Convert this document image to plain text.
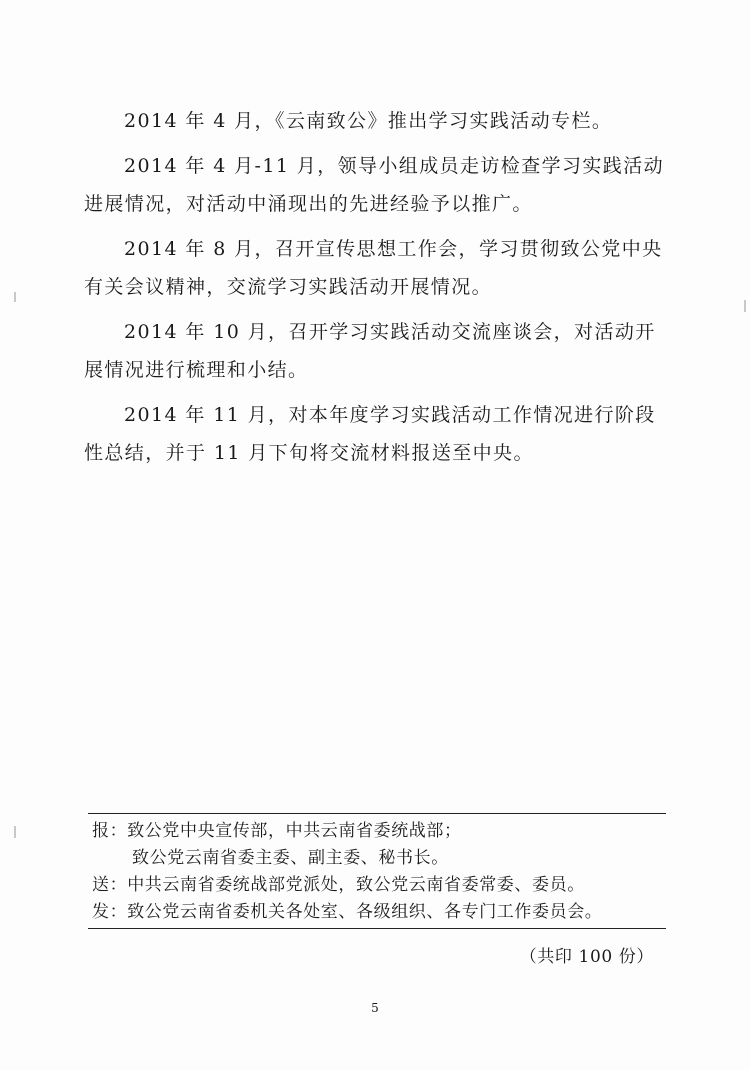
2014 年 4 月，《云南致公》推出学习实践活动专栏。

2014 年 4 月-11 月，领导小组成员走访检查学习实践活动进展情况，对活动中涌现出的先进经验予以推广。

2014 年 8 月，召开宣传思想工作会，学习贯彻致公党中央有关会议精神，交流学习实践活动开展情况。

2014 年 10 月，召开学习实践活动交流座谈会，对活动开展情况进行梳理和小结。

2014 年 11 月，对本年度学习实践活动工作情况进行阶段性总结，并于 11 月下旬将交流材料报送至中央。

报：致公党中央宣传部，中共云南省委统战部；

致公党云南省委主委、副主委、秘书长。

送：中共云南省委统战部党派处，致公党云南省委常委、委员。

发：致公党云南省委机关各处室、各级组织、各专门工作委员会。

（共印 100 份）

5
